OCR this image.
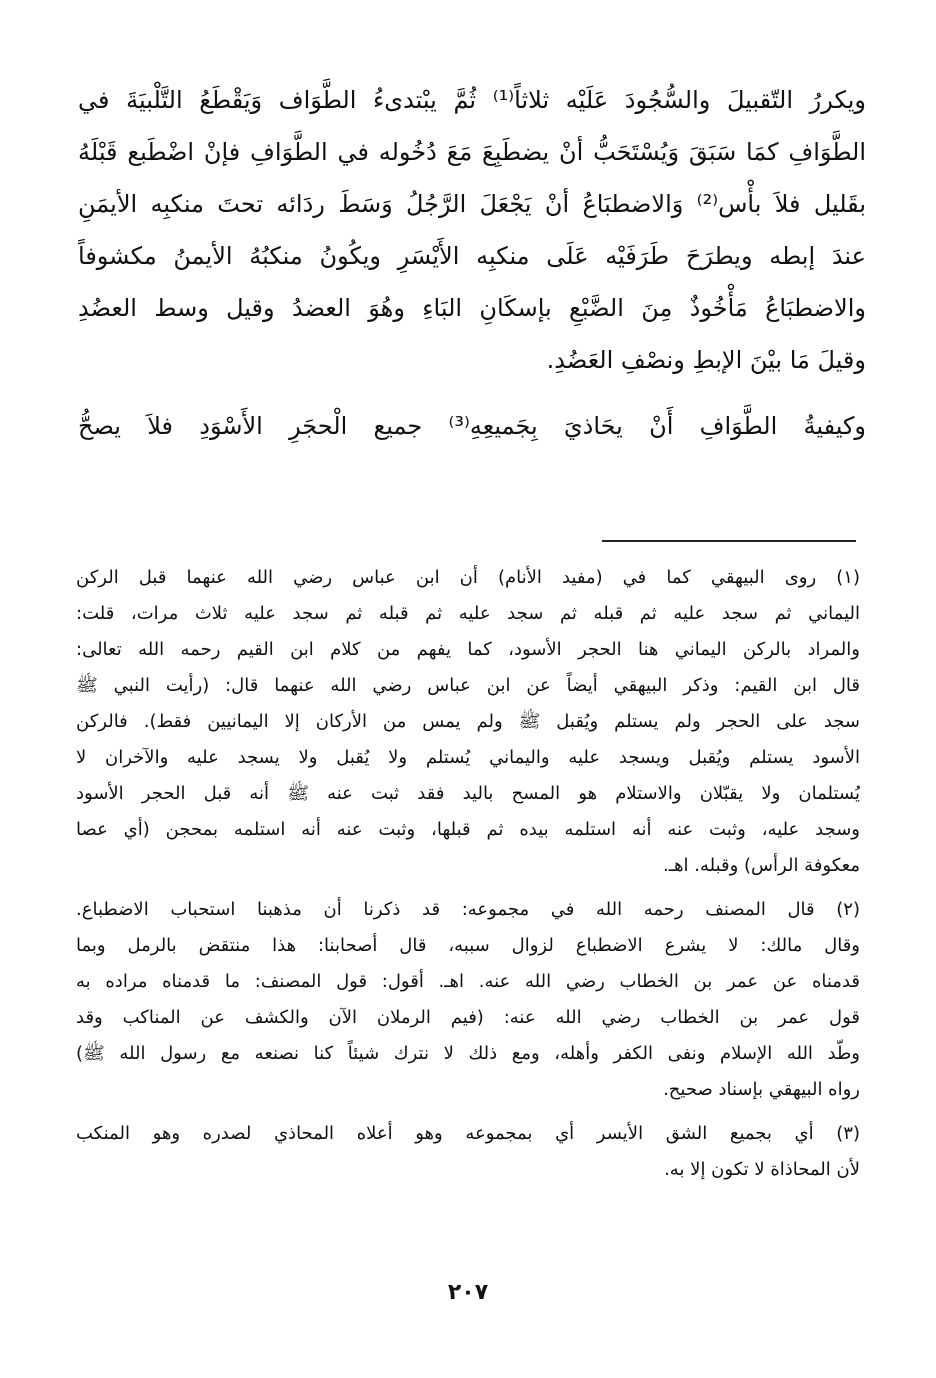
ويكررُ التّقبيلَ والسُّجُودَ عَلَيْه ثلاثاً⁽¹⁾ ثُمَّ يبْتدىءُ الطَّوَاف وَيَقْطَعُ التَّلْبيَةَ في
الطَّوَافِ كمَا سَبَقَ وَيُسْتَحَبُّ أنْ يضطَبِعَ مَعَ دُخُوله في الطَّوَافِ فإنْ اضْطَبع قَبْلَهُ
بقَليل فلاَ بأْس⁽²⁾ وَالاضطبَاعُ أنْ يَجْعَلَ الرَّجُلُ وَسَطَ ردَائه تحتَ منكبِه الأيمَنِ
عندَ إبطه ويطرَحَ طَرَفَيْه عَلَى منكبِه الأَيْسَرِ ويكُونُ منكبُهُ الأيمنُ مكشوفاً
والاضطبَاعُ مَأْخُوذٌ مِنَ الضَّبْعِ بإسكَانِ البَاءِ وهُوَ العضدُ وقيل وسط العضُدِ
وقيلَ مَا بيْنَ الإبطِ ونصْفِ العَضُدِ.
وكيفيةُ الطَّوَافِ أَنْ يحَاذيَ بِجَميعِهِ⁽³⁾ جميع الْحجَرِ الأَسْوَدِ فلاَ يصحُّ
(١) روى البيهقي كما في (مفيد الأنام) أن ابن عباس رضي الله عنهما قبل الركن
اليماني ثم سجد عليه ثم قبله ثم سجد عليه ثم قبله ثم سجد عليه ثلاث مرات، قلت:
والمراد بالركن اليماني هنا الحجر الأسود، كما يفهم من كلام ابن القيم رحمه الله تعالى:
قال ابن القيم: وذكر البيهقي أيضاً عن ابن عباس رضي الله عنهما قال: (رأيت النبي ﷺ
سجد على الحجر ولم يستلم ويُقبل ﷺ ولم يمس من الأركان إلا اليمانيين فقط). فالركن
الأسود يستلم ويُقبل ويسجد عليه واليماني يُستلم ولا يُقبل ولا يسجد عليه والآخران لا
يُستلمان ولا يقبّلان والاستلام هو المسح باليد فقد ثبت عنه ﷺ أنه قبل الحجر الأسود
وسجد عليه، وثبت عنه أنه استلمه بيده ثم قبلها، وثبت عنه أنه استلمه بمحجن (أي عصا
معكوفة الرأس) وقبله. اهـ.
(٢) قال المصنف رحمه الله في مجموعه: قد ذكرنا أن مذهبنا استحباب الاضطباع.
وقال مالك: لا يشرع الاضطباع لزوال سببه، قال أصحابنا: هذا منتقض بالرمل وبما
قدمناه عن عمر بن الخطاب رضي الله عنه. اهـ. أقول: قول المصنف: ما قدمناه مراده به
قول عمر بن الخطاب رضي الله عنه: (فيم الرملان الآن والكشف عن المناكب وقد
وطّد الله الإسلام ونفى الكفر وأهله، ومع ذلك لا نترك شيئاً كنا نصنعه مع رسول الله ﷺ)
رواه البيهقي بإسناد صحيح.
(٣) أي بجميع الشق الأيسر أي بمجموعه وهو أعلاه المحاذي لصدره وهو المنكب
لأن المحاذاة لا تكون إلا به.
٢٠٧
